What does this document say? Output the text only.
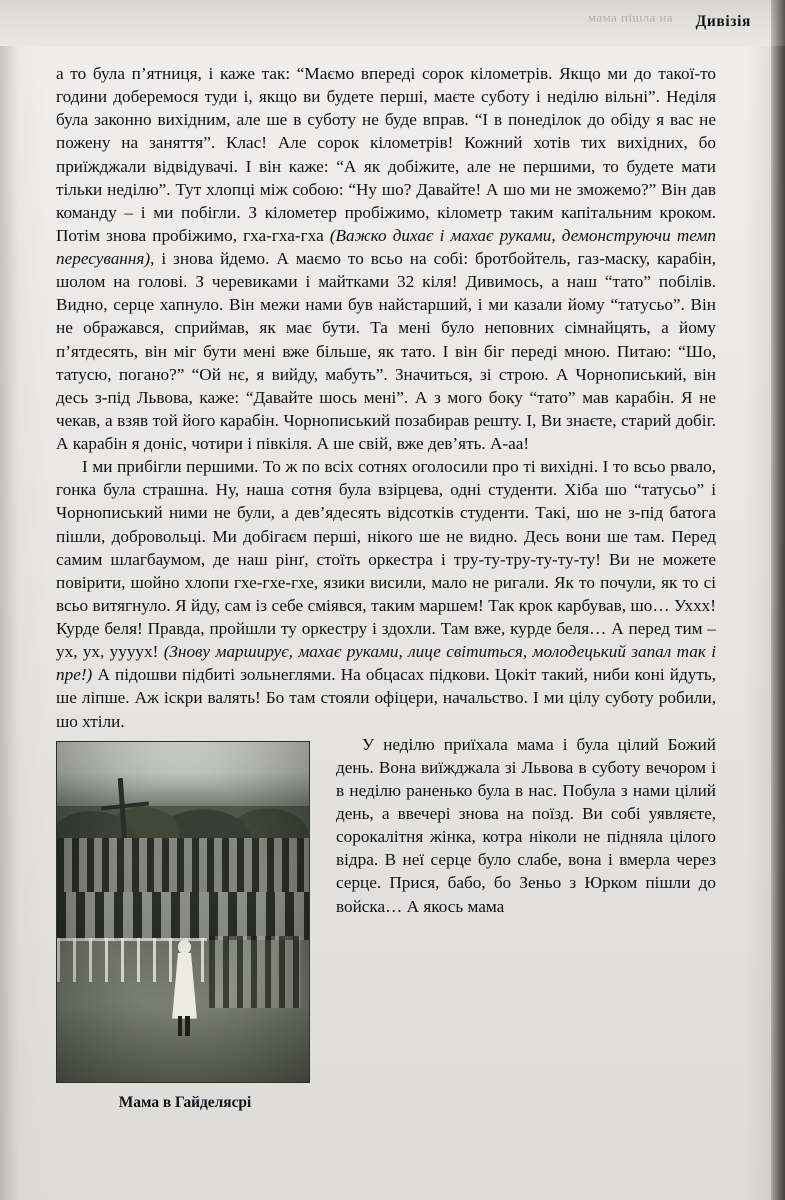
мама пішла на Дивізія

а то була п’ятниця, і каже так: “Маємо впереді сорок кілометрів. Якщо ми до такої-то години доберемося туди і, якщо ви будете перші, маєте суботу і неділю вільні”. Неділя була законно вихідним, але ше в суботу не буде вправ. “І в понеділок до обіду я вас не пожену на заняття”. Клас! Але сорок кілометрів! Кожний хотів тих вихідних, бо приїжджали відвідувачі. І він каже: “А як добіжите, але не першими, то будете мати тільки неділю”. Тут хлопці між собою: “Ну шо? Давайте! А шо ми не зможемо?” Він дав команду – і ми побігли. З кілометер пробіжимо, кілометр таким капітальним кроком. Потім знова пробіжимо, гха-гха-гха (Важко дихає і махає руками, демонструючи темп пересування), і знова йдемо. А маємо то всьо на собі: бротбойтель, газ-маску, карабін, шолом на голові. З черевиками і майтками 32 кіля! Дивимось, а наш “тато” побілів. Видно, серце хапнуло. Він межи нами був найстарший, і ми казали йому “татусьо”. Він не ображався, сприймав, як має бути. Та мені було неповних сімнайцять, а йому п’ятдесять, він міг бути мені вже більше, як тато. І він біг переді мною. Питаю: “Шо, татусю, погано?” “Ой нє, я вийду, мабуть”. Значиться, зі строю. А Чорнописький, він десь з-під Львова, каже: “Давайте шось мені”. А з мого боку “тато” мав карабін. Я не чекав, а взяв той його карабін. Чорнописький позабирав решту. І, Ви знаєте, старий добіг. А карабін я доніс, чотири і півкіля. А ше свій, вже дев’ять. А-аа!

І ми прибігли першими. То ж по всіх сотнях оголосили про ті вихідні. І то всьо рвало, гонка була страшна. Ну, наша сотня була взірцева, одні студенти. Хіба шо “татусьо” і Чорнописький ними не були, а дев’ядесять відсотків студенти. Такі, шо не з-під батога пішли, добровольці. Ми добігаєм перші, нікого ше не видно. Десь вони ше там. Перед самим шлагбаумом, де наш рінґ, стоїть оркестра і тру-ту-тру-ту-ту-ту! Ви не можете повірити, шойно хлопи гхе-гхе-гхе, язики висили, мало не ригали. Як то почули, як то сі всьо витягнуло. Я йду, сам із себе сміявся, таким маршем! Так крок карбував, шо… Уххх! Курде беля! Правда, пройшли ту оркестру і здохли. Там вже, курде беля… А перед тим – ух, ух, уууух! (Знову марширує, махає руками, лице світиться, молодецький запал так і пре!) А підошви підбиті зольнеглями. На обцасах підкови. Цокіт такий, ниби коні йдуть, ше ліпше. Аж іскри валять! Бо там стояли офіцери, начальство. І ми цілу суботу робили, шо хтіли.

Мама в Гайделясрі

У неділю приїхала мама і була цілий Божий день. Вона виїжджала зі Львова в суботу вечором і в неділю раненько була в нас. Побула з нами цілий день, а ввечері знова на поїзд. Ви собі уявляєте, сорокалітня жінка, котра ніколи не підняла цілого відра. В неї серце було слабе, вона і вмерла через серце. Прися, бабо, бо Зеньо з Юрком пішли до войска… А якось мама
